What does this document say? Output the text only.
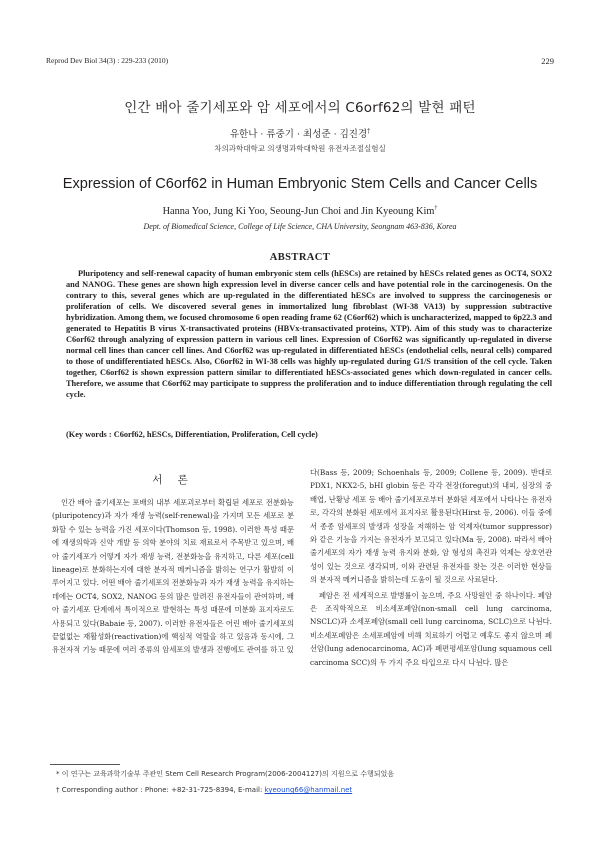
Reprod Dev Biol 34(3) : 229-233 (2010)	229
인간 배아 줄기세포와 암 세포에서의 C6orf62의 발현 패턴
유한나 · 류중기 · 최성준 · 김진경†
차의과학대학교 의생명과학대학원 유전자조절실험실
Expression of C6orf62 in Human Embryonic Stem Cells and Cancer Cells
Hanna Yoo, Jung Ki Yoo, Seoung-Jun Choi and Jin Kyeoung Kim†
Dept. of Biomedical Science, College of Life Science, CHA University, Seongnam 463-836, Korea
ABSTRACT

Pluripotency and self-renewal capacity of human embryonic stem cells (hESCs) are retained by hESCs related genes as OCT4, SOX2 and NANOG. These genes are shown high expression level in diverse cancer cells and have potential role in the carcinogenesis. On the contrary to this, several genes which are up-regulated in the differentiated hESCs are involved to suppress the carcinogenesis or proliferation of cells. We discovered several genes in immortalized lung fibroblast (WI-38 VA13) by suppression subtractive hybridization. Among them, we focused chromosome 6 open reading frame 62 (C6orf62) which is uncharacterized, mapped to 6p22.3 and generated to Hepatitis B virus X-transactivated proteins (HBVx-transactivated proteins, XTP). Aim of this study was to characterize C6orf62 through analyzing of expression pattern in various cell lines. Expression of C6orf62 was significantly up-regulated in diverse normal cell lines than cancer cell lines. And C6orf62 was up-regulated in differentiated hESCs (endothelial cells, neural cells) compared to those of undifferentiated hESCs. Also, C6orf62 in WI-38 cells was highly up-regulated during G1/S transition of the cell cycle. Taken together, C6orf62 is shown expression pattern similar to differentiated hESCs-associated genes which down-regulated in cancer cells. Therefore, we assume that C6orf62 may participate to suppress the proliferation and to induce differentiation through regulating the cell cycle.

(Key words : C6orf62, hESCs, Differentiation, Proliferation, Cell cycle)

서 론

인간 배아 줄기세포는 포배의 내부 세포괴로부터 확립된 세포로 전분화능(pluripotency)과 자가 재생 능력(self-renewal)을 가지며 모든 세포로 분화할 수 있는 능력을 가진 세포이다(Thomson 등, 1998). 이러한 특성 때문에 재생의학과 신약 개발 등 의학 분야의 치료 재료로서 주목받고 있으며, 배아 줄기세포가 어떻게 자가 재생 능력, 전분화능을 유지하고, 다른 세포(cell lineage)로 분화하는지에 대한 분자적 메커니즘을 밝히는 연구가 활발히 이루어지고 있다. 어떤 배아 줄기세포의 전분화능과 자가 재생 능력을 유지하는 데에는 OCT4, SOX2, NANOG 등의 많은 알려진 유전자들이 관여하며, 배아 줄기세포 단계에서 특이적으로 발현하는 특성 때문에 미분화 표지자로도 사용되고 있다(Babaie 등, 2007). 이러한 유전자들은 어린 배아 줄기세포의 끝없없는 재활성화(reactivation)에 핵심적 역할을 하고 있음과 동시에, 그 유전자적 기능 때문에 여러 종류의 암세포의 발생과 진행에도 관여를 하고 있

다(Bass 등, 2009; Schoenhals 등, 2009; Collene 등, 2009). 반대로 PDX1, NKX2-5, bHI globin 등은 각각 전장(foregut)의 내피, 심장의 중배엽, 난황낭 세포 등 배아 줄기세포로부터 분화된 세포에서 나타나는 유전자로, 각각의 분화된 세포에서 표지자로 활용된다(Hirst 등, 2006). 이들 중에서 종종 암세포의 발생과 성장을 저해하는 암 억제자(tumor suppressor)와 같은 기능을 가지는 유전자가 보고되고 있다(Ma 등, 2008). 따라서 배아 줄기세포의 자가 재생 능력 유지와 분화, 암 형성의 촉진과 억제는 상호연관성이 있는 것으로 생각되며, 이와 관련된 유전자를 찾는 것은 이러한 현상들의 분자적 메커니즘을 밝히는데 도움이 될 것으로 사료된다.

폐암은 전 세계적으로 발병률이 높으며, 주요 사망원인 중 하나이다. 폐암은 조직학적으로 비소세포폐암(non-small cell lung carcinoma, NSCLC)과 소세포폐암(small cell lung carcinoma, SCLC)으로 나뉜다. 비소세포폐암은 소세포폐암에 비해 치료하기 어렵고 예후도 좋지 않으며 폐선암(lung adenocarcinoma, AC)과 폐편평세포암(lung squamous cell carcinoma SCC)의 두 가지 주요 타입으로 다시 나뉜다. 많은

* 이 연구는 교육과학기술부 주관인 Stem Cell Research Program(2006-2004127)의 지원으로 수행되었음
† Corresponding author : Phone: +82-31-725-8394, E-mail: kyeoung66@hanmail.net
